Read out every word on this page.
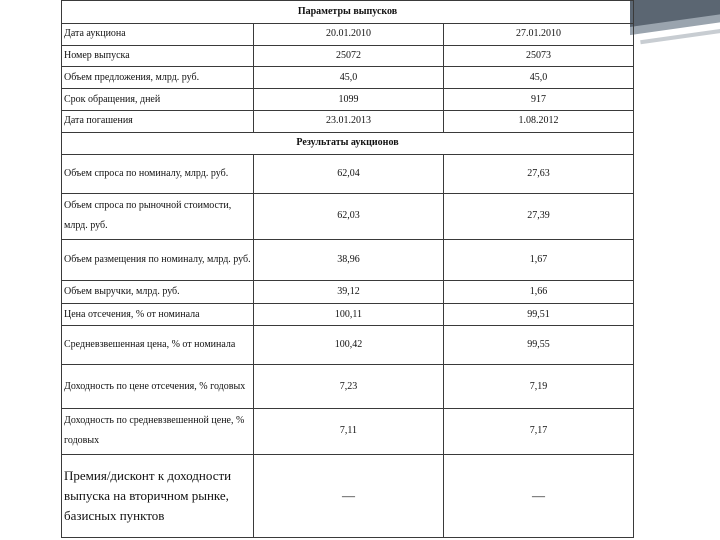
Параметры выпусков		
Дата аукциона	20.01.2010	27.01.2010
Номер выпуска	25072	25073
Объем предложения, млрд. руб.	45,0	45,0
Срок обращения, дней	1099	917
Дата погашения	23.01.2013	1.08.2012
Результаты аукционов		
Объем спроса по номиналу, млрд. руб.	62,04	27,63
Объем спроса по рыночной стоимости, млрд. руб.	62,03	27,39
Объем размещения по номиналу, млрд. руб.	38,96	1,67
Объем выручки, млрд. руб.	39,12	1,66
Цена отсечения, % от номинала	100,11	99,51
Средневзвешенная цена, % от номинала	100,42	99,55
Доходность по цене отсечения, % годовых	7,23	7,19
Доходность по средневзвешенной цене, % годовых	7,11	7,17
Премия/дисконт к доходности выпуска на вторичном рынке, базисных пунктов	—	—
